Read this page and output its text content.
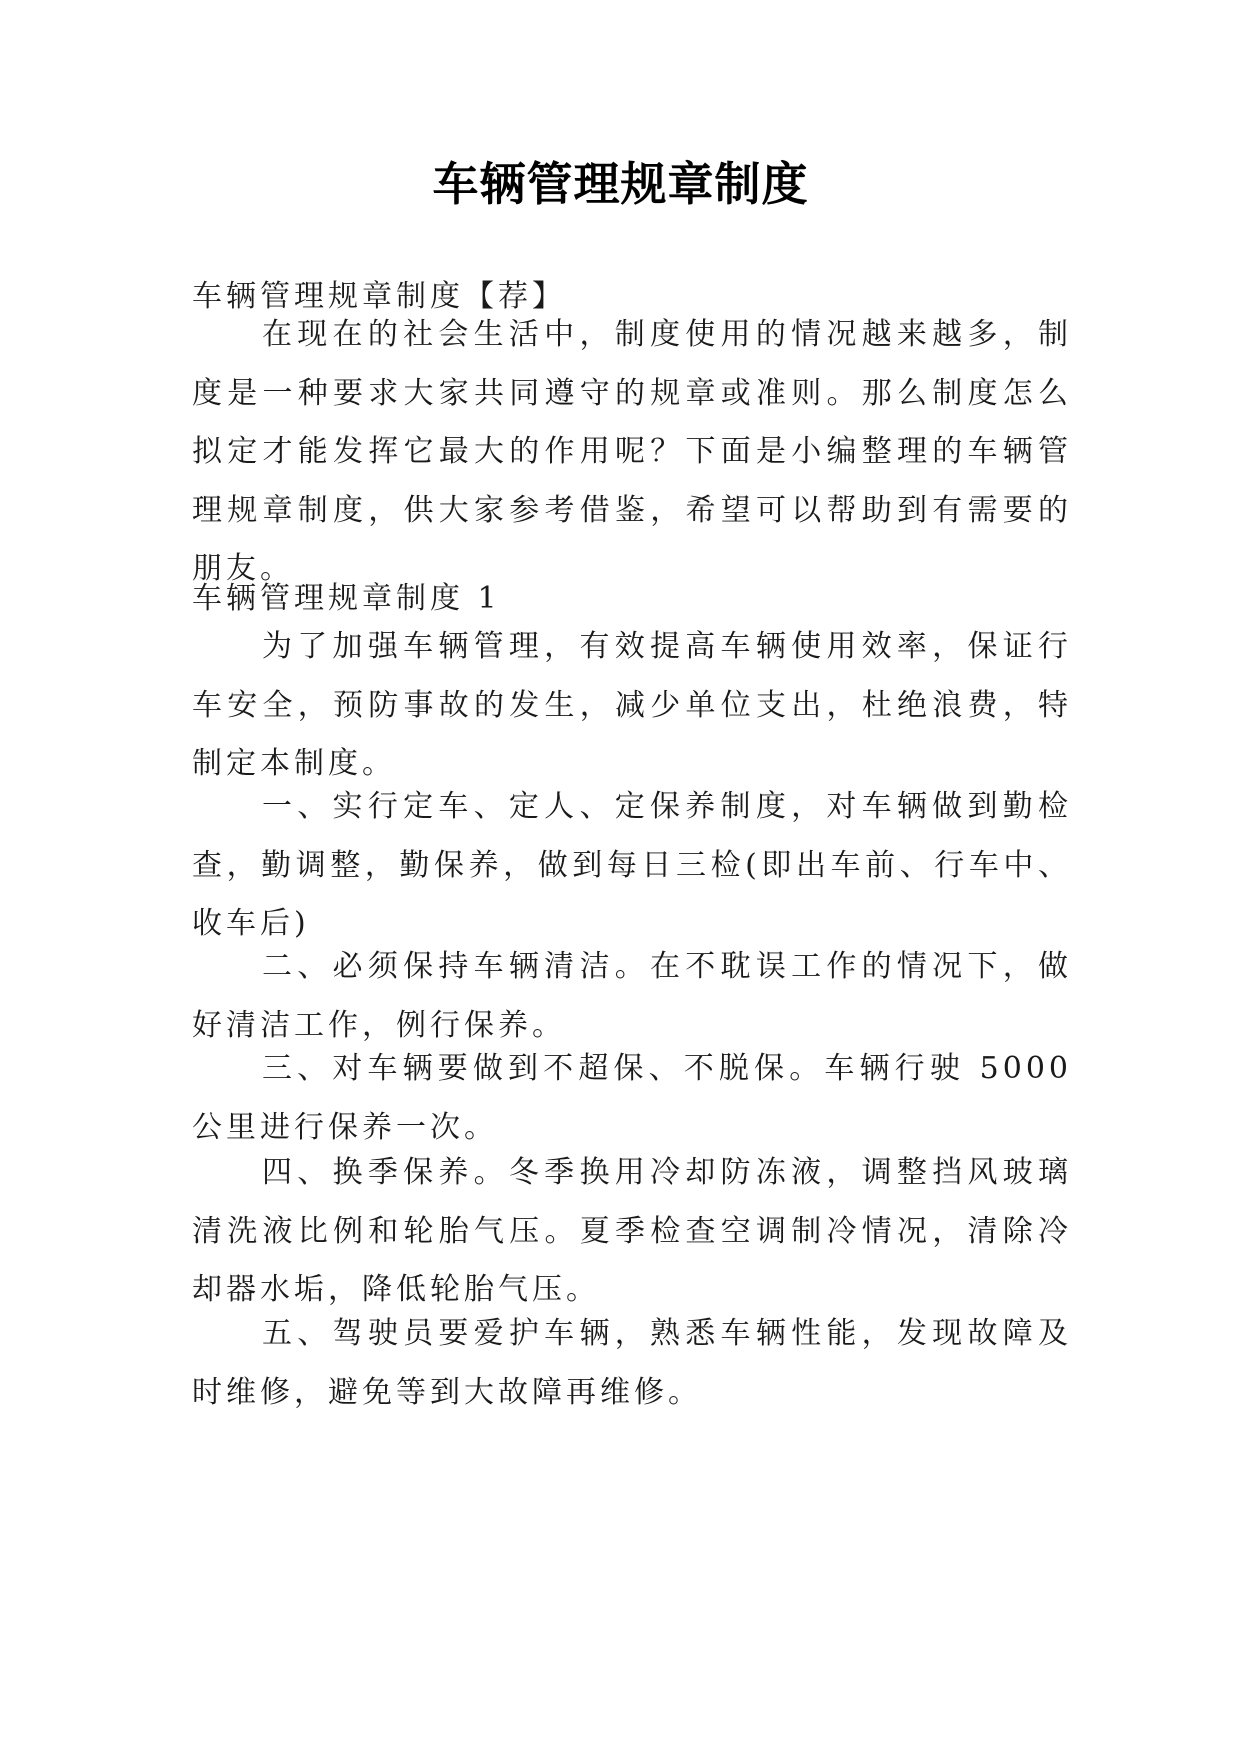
车辆管理规章制度

车辆管理规章制度【荐】

在现在的社会生活中，制度使用的情况越来越多，制度是一种要求大家共同遵守的规章或准则。那么制度怎么拟定才能发挥它最大的作用呢？下面是小编整理的车辆管理规章制度，供大家参考借鉴，希望可以帮助到有需要的朋友。

车辆管理规章制度 1

为了加强车辆管理，有效提高车辆使用效率，保证行车安全，预防事故的发生，减少单位支出，杜绝浪费，特制定本制度。

一、实行定车、定人、定保养制度，对车辆做到勤检查，勤调整，勤保养，做到每日三检(即出车前、行车中、收车后)

二、必须保持车辆清洁。在不耽误工作的情况下，做好清洁工作，例行保养。

三、对车辆要做到不超保、不脱保。车辆行驶 5000 公里进行保养一次。

四、换季保养。冬季换用冷却防冻液，调整挡风玻璃清洗液比例和轮胎气压。夏季检查空调制冷情况，清除冷却器水垢，降低轮胎气压。

五、驾驶员要爱护车辆，熟悉车辆性能，发现故障及时维修，避免等到大故障再维修。
